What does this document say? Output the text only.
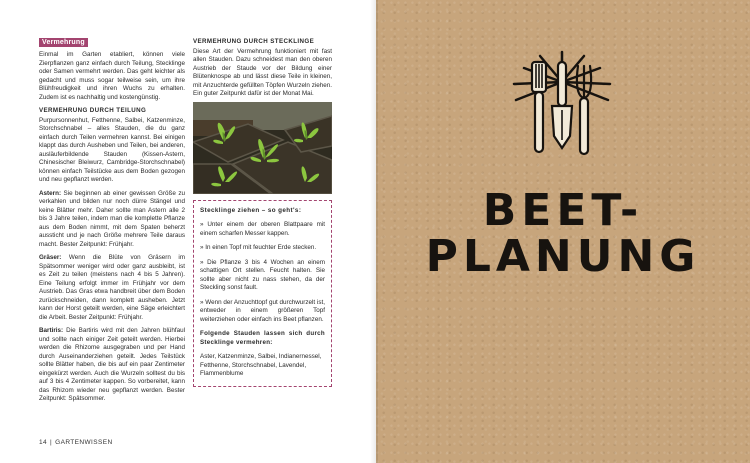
Vermehrung

Einmal im Garten etabliert, können viele Zierpflanzen ganz einfach durch Teilung, Stecklinge oder Samen vermehrt werden. Das geht leichter als gedacht und muss sogar teilweise sein, um ihre Blühfreudigkeit und ihren Wuchs zu erhalten. Zudem ist es nachhaltig und kostengünstig.

VERMEHRUNG DURCH TEILUNG

Purpursonnenhut, Fetthenne, Salbei, Katzenminze, Storchschnabel – alles Stauden, die du ganz einfach durch Teilen vermehren kannst. Bei einigen klappt das durch Ausheben und Teilen, bei anderen, ausläuferbildende Stauden (Kissen-Astern, Chinesischer Bleiwurz, Cambridge-Storchschnabel) können einfach Teilstücke aus dem Boden gezogen und neu gepflanzt werden.

Astern: Sie beginnen ab einer gewissen Größe zu verkahlen und bilden nur noch dürre Stängel und keine Blätter mehr. Daher sollte man Astern alle 2 bis 3 Jahre teilen, indem man die komplette Pflanze aus dem Boden nimmt, mit dem Spaten beherzt aussticht und je nach Größe mehrere Teile daraus macht. Bester Zeitpunkt: Frühjahr.

Gräser: Wenn die Blüte von Gräsern im Spätsommer weniger wird oder ganz ausbleibt, ist es Zeit zu teilen (meistens nach 4 bis 5 Jahren). Eine Teilung erfolgt immer im Frühjahr vor dem Austrieb. Das Gras etwa handbreit über dem Boden zurückschneiden, dann komplett ausheben. Jetzt kann der Horst geteilt werden, eine Säge erleichtert die Arbeit. Bester Zeitpunkt: Frühjahr.

Bartiris: Die Bartiris wird mit den Jahren blühfaul und sollte nach einiger Zeit geteilt werden. Hierbei werden die Rhizome ausgegraben und per Hand durch Auseinanderziehen geteilt. Jedes Teilstück sollte Blätter haben, die bis auf ein paar Zentimeter eingekürzt werden. Auch die Wurzeln solltest du bis auf 3 bis 4 Zentimeter kappen. So vorbereitet, kann das Rhizom wieder neu gepflanzt werden. Bester Zeitpunkt: Spätsommer.

VERMEHRUNG DURCH STECKLINGE

Diese Art der Vermehrung funktioniert mit fast allen Stauden. Dazu schneidest man den oberen Austrieb der Staude vor der Bildung einer Blütenknospe ab und lässt diese Teile in kleinen, mit Anzuchterde gefüllten Töpfen Wurzeln ziehen. Ein guter Zeitpunkt dafür ist der Monat Mai.

Stecklinge ziehen – so geht's:

» Unter einem der oberen Blattpaare mit einem scharfen Messer kappen.

» In einen Topf mit feuchter Erde stecken.

» Die Pflanze 3 bis 4 Wochen an einem schattigen Ort stellen. Feucht halten. Sie sollte aber nicht zu nass stehen, da der Steckling sonst fault.

» Wenn der Anzuchttopf gut durchwurzelt ist, entweder in einem größeren Topf weiterziehen oder einfach ins Beet pflanzen.

Folgende Stauden lassen sich durch Stecklinge vermehren:

Aster, Katzenminze, Salbei, Indianernessel, Fetthenne, Storchschnabel, Lavendel, Flammenblume

14 | GARTENWISSEN
BEET-
PLANUNG
